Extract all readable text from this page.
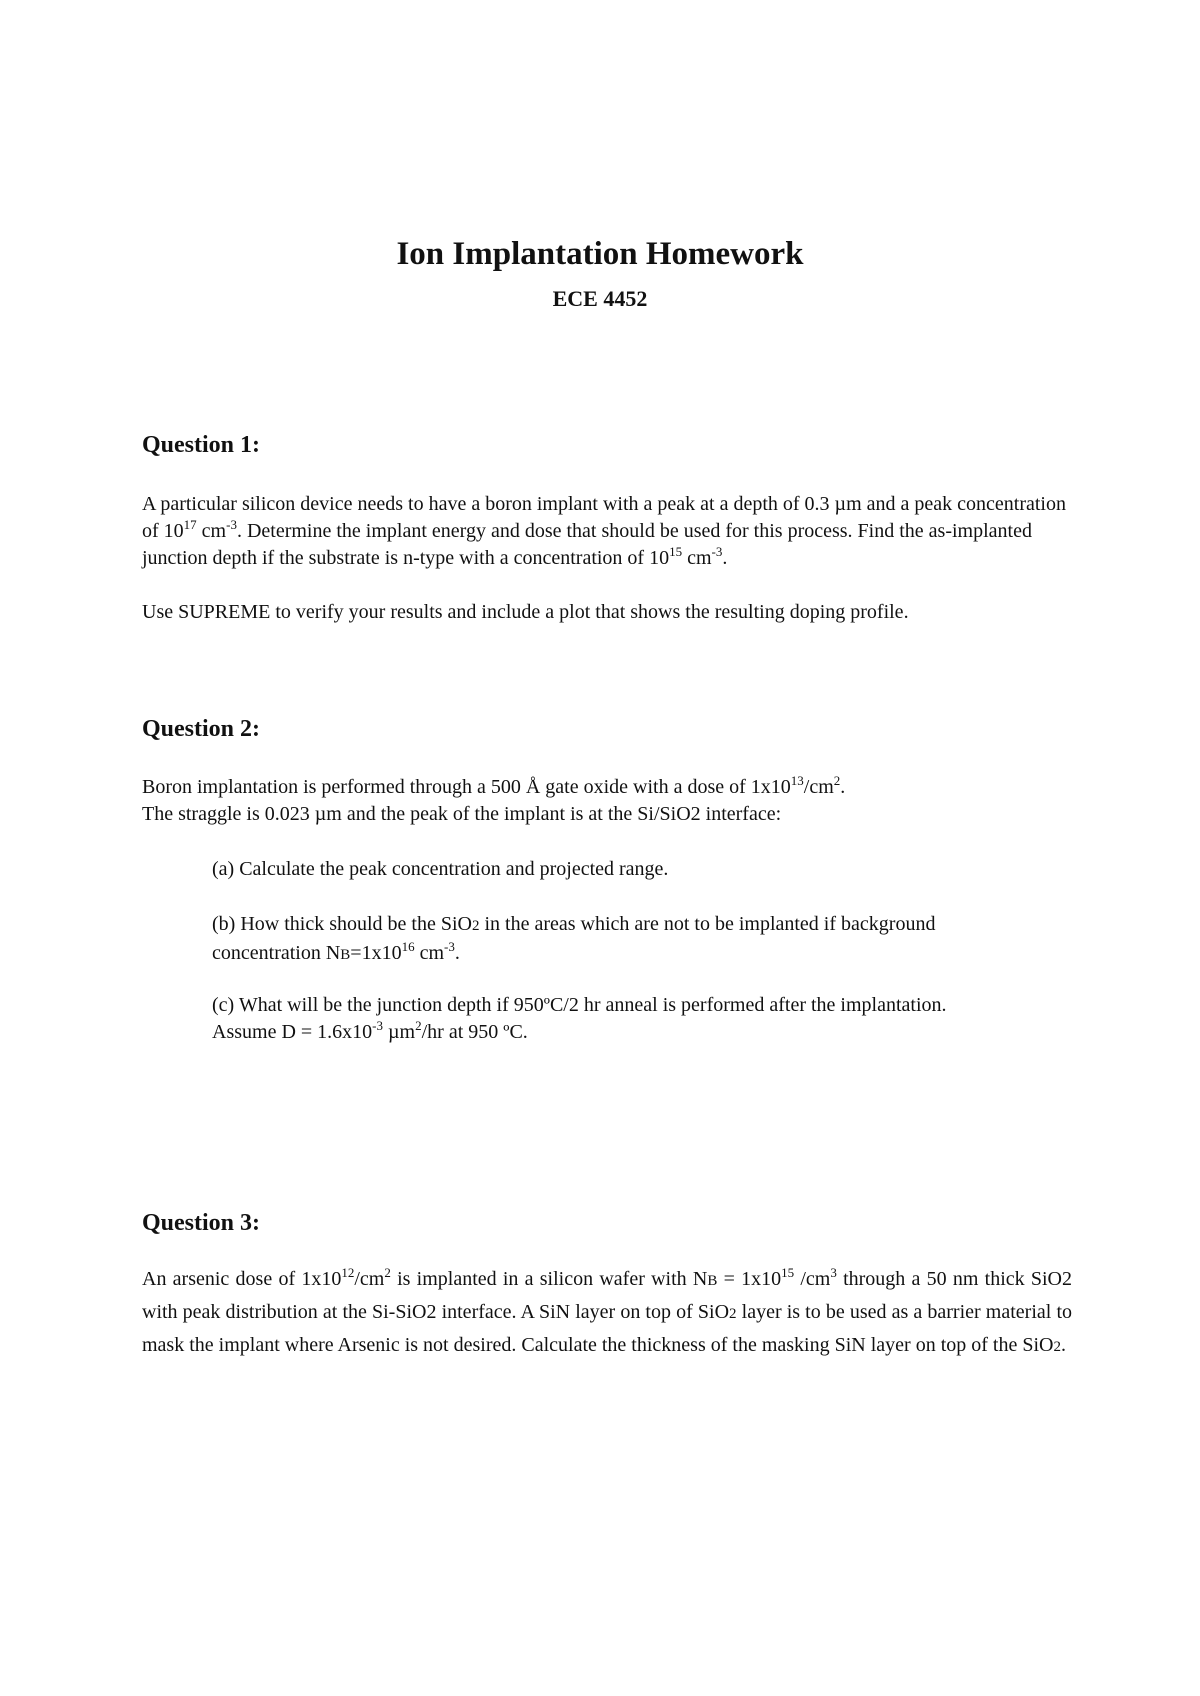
Ion Implantation Homework
ECE 4452
Question 1:

A particular silicon device needs to have a boron implant with a peak at a depth of 0.3 µm and a peak concentration of $10^{17}$ $cm^{-3}$. Determine the implant energy and dose that should be used for this process. Find the as-implanted junction depth if the substrate is n-type with a concentration of $10^{15}$ $cm^{-3}$.

Use SUPREME to verify your results and include a plot that shows the resulting doping profile.

Question 2:

Boron implantation is performed through a 500 Å gate oxide with a dose of $1x10^{13}/cm^2$.

The straggle is 0.023 µm and the peak of the implant is at the Si/SiO2 interface:

(a) Calculate the peak concentration and projected range.

(b) How thick should be the SiO2 in the areas which are not to be implanted if background concentration $NB=1x10^{16}$ $cm^{-3}$.

(c) What will be the junction depth if 950ºC/2 hr anneal is performed after the implantation. Assume $D = 1.6x10^{-3}$ µm$^2$/hr at 950 ºC.

Question 3:

An arsenic dose of $1x10^{12}/cm^2$ is implanted in a silicon wafer with NB = $1x10^{15}$ $/cm^3$ through a 50 nm thick SiO2 with peak distribution at the Si-SiO2 interface. A SiN layer on top of SiO2 layer is to be used as a barrier material to mask the implant where Arsenic is not desired. Calculate the thickness of the masking SiN layer on top of the SiO2.
